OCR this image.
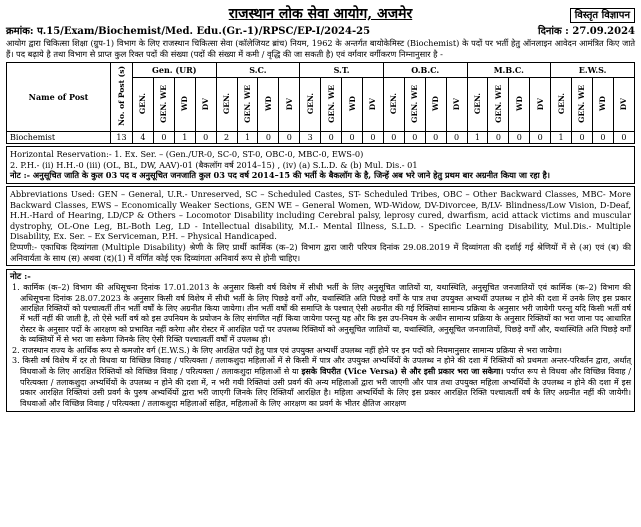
विस्तृत विज्ञापन
राजस्थान लोक सेवा आयोग, अजमेर
क्रमांक: प.15/Exam/Biochemist/Med. Edu.(Gr.-1)/RPSC/EP-I/2024-25	दिनांक : 27.09.2024
आयोग द्वारा चिकित्सा शिक्षा (ग्रुप-1) विभाग के लिए राजस्थान चिकित्सा सेवा (कॉलेजियट ब्रांच) नियम, 1962 के अन्तर्गत बायोकेमिस्ट (Biochemist) के पदों पर भर्ती हेतु ऑनलाइन आवेदन आमंत्रित किए जाते हैं। पद बढ़ाये है तथा विभाग से प्राप्त कुल रिक्त पदों की संख्या (पदों की संख्या में कमी / वृद्धि की जा सकती है) एवं वर्गवार वर्गीकरण निम्नानुसार है -
Name of Post	No. of Post (s)	Gen. (UR)				S.C.				S.T.				O.B.C.				M.B.C.				E.W.S.			
		GEN.	GEN. WE	WD	DV	GEN.	GEN. WE	WD	DV	GEN.	GEN. WE	WD	DV	GEN.	GEN. WE	WD	DV	GEN.	GEN. WE	WD	DV	GEN.	GEN. WE	WD	DV
Biochemist	13	4	0	1	0	2	1	0	0	3	0	0	0	0	0	0	0	1	0	0	0	1	0	0	0
Horizontal Reservation:- 1. Ex. Ser. – (Gen./UR-0, SC-0, ST-0, OBC-0, MBC-0, EWS-0)
2. P.H.- (ii) H.H.-0 (iii) (OL, BL, DW, AAV)-01 (बैकलॉग वर्ष 2014–15) , (iv) (a) S.L.D. & (b) Mul. Dis.- 01
नोट :- अनुसूचित जाति के कुल 03 पद व अनुसूचित जनजाति कुल 03 पद वर्ष 2014–15 की भर्ती के बैकलॉग के है, जिन्हें अब भरे जाने हेतु प्रथम बार अग्रनीत किया जा रहा है।
Abbreviations Used: GEN – General, U.R.- Unreserved, SC – Scheduled Castes, ST- Scheduled Tribes, OBC – Other Backward Classes, MBC- More Backward Classes, EWS – Economically Weaker Sections, GEN WE – General Women, WD-Widow, DV-Divorcee, B/LV- Blindness/Low Vision, D-Deaf, H.H.-Hard of Hearing, LD/CP & Others – Locomotor Disability including Cerebral palsy, leprosy cured, dwarfism, acid attack victims and muscular dystrophy, OL-One Leg, BL-Both Leg, LD - Intellectual disability, M.I.- Mental Illness, S.L.D. - Specific Learning Disability, Mul.Dis.- Multiple Disability, Ex. Ser. – Ex Serviceman, P.H. – Physical Handicaped.
टिप्पणी:- एकाधिक दिव्यांगता (Multiple Disability) श्रेणी के लिए प्रार्थी कार्मिक (क–2) विभाग द्वारा जारी परिपत्र दिनांक 29.08.2019 में दिव्यांगता की दर्शाई गई श्रेणियों में से (अ) एवं (ब) की अनिवार्यता के साथ (स) अथवा (द)(1) में वर्णित कोई एक दिव्यांगता अनिवार्य रूप से होनी चाहिए।
नोट :-
1. कार्मिक (क–2) विभाग की अधिसूचना दिनांक 17.01.2013 के अनुसार किसी वर्ष विशेष में सीधी भर्ती के लिए अनुसूचित जातियों या, यथास्थिति, अनुसूचित जनजातियों एवं कार्मिक (क–2) विभाग की अधिसूचना दिनांक 28.07.2023 के अनुसार किसी वर्ष विशेष में सीधी भर्ती के लिए पिछड़े वर्गों और, यथास्थिति अति पिछड़े वर्गों के पात्र तथा उपयुक्त अभ्यर्थी उपलब्ध न होने की दशा में उनके लिए इस प्रकार आरक्षित रिक्तियों को पश्चात्वर्ती तीन भर्ती वर्षों के लिए अग्रनीत किया जायेगा। तीन भर्ती वर्षों की समाप्ति के पश्चात् ऐसी अग्रनीत की गई रिक्तियां सामान्य प्रक्रिया के अनुसार भरी जायेगी परन्तु यदि किसी भर्ती वर्ष में भर्ती नहीं की जाती है, तो ऐसे भर्ती वर्ष को इस उपनियम के प्रयोजन के लिए संगणित नहीं किया जायेगा परन्तु यह और कि इस उप-नियम के अधीन सामान्य प्रक्रिया के अनुसार रिक्तियों का भरा जाना पद आधारित रोस्टर के अनुसार पदों के आरक्षण को प्रभावित नहीं करेगा और रोस्टर में आरक्षित पदों पर उपलब्ध रिक्तियों को अनुसूचित जातियों या, यथास्थिति, अनुसूचित जनजातियों, पिछड़े वर्गों और, यथास्थिति अति पिछड़े वर्गों के व्यक्तियों में से भरा जा सकेगा जिनके लिए ऐसी रिक्ति पश्चात्वर्ती वर्षों में उपलब्ध हो।
2. राजस्थान राज्य के आर्थिक रूप से कमजोर वर्ग (E.W.S.) के लिए आरक्षित पदों हेतु पात्र एवं उपयुक्त अभ्यर्थी उपलब्ध नहीं होने पर इन पदों को नियमानुसार सामान्य प्रक्रिया से भरा जायेगा।
3. किसी वर्ष विशेष में दर तो विधवा या विच्छिन्न विवाह / परित्यक्ता / तलाकशुदा महिलाओं में से किसी में पात्र और उपयुक्त अभ्यर्थियों के उपलब्ध न होने की दशा में रिक्तियों को प्रथमतः अन्तर-परिवर्तन द्वारा, अर्थात् विधवाओं के लिए आरक्षित रिक्तियों को विच्छिन्न विवाह / परित्यक्ता / तलाकशुदा महिलाओं से या इसके विपरीत (Vice Versa) से और इसी प्रकार भरा जा सकेगा। पर्याप्त रूप से विधवा और विच्छिन्न विवाह / परित्यक्ता / तलाकशुदा अभ्यर्थियों के उपलब्ध न होने की दशा में, न भरी गयी रिक्तियां उसी प्रवर्ग की अन्य महिलाओं द्वारा भरी जाएगी और पात्र तथा उपयुक्त महिला अभ्यर्थियों के उपलब्ध न होने की दशा में इस प्रकार आरक्षित रिक्तियां उसी प्रवर्ग के पुरुष अभ्यर्थियों द्वारा भरी जाएगी जिनके लिए रिक्तियाँ आरक्षित है। महिला अभ्यर्थियों के लिए इस प्रकार आरक्षित रिक्ति पश्चात्वर्ती वर्ष के लिए अग्रनीत नहीं की जायेगी। विधवाओं और विच्छिन्न विवाह / परित्यक्ता / तलाकशुदा महिलाओं सहित, महिलाओं के लिए आरक्षण का प्रवर्ग के भीतर क्षैतिज आरक्षण
